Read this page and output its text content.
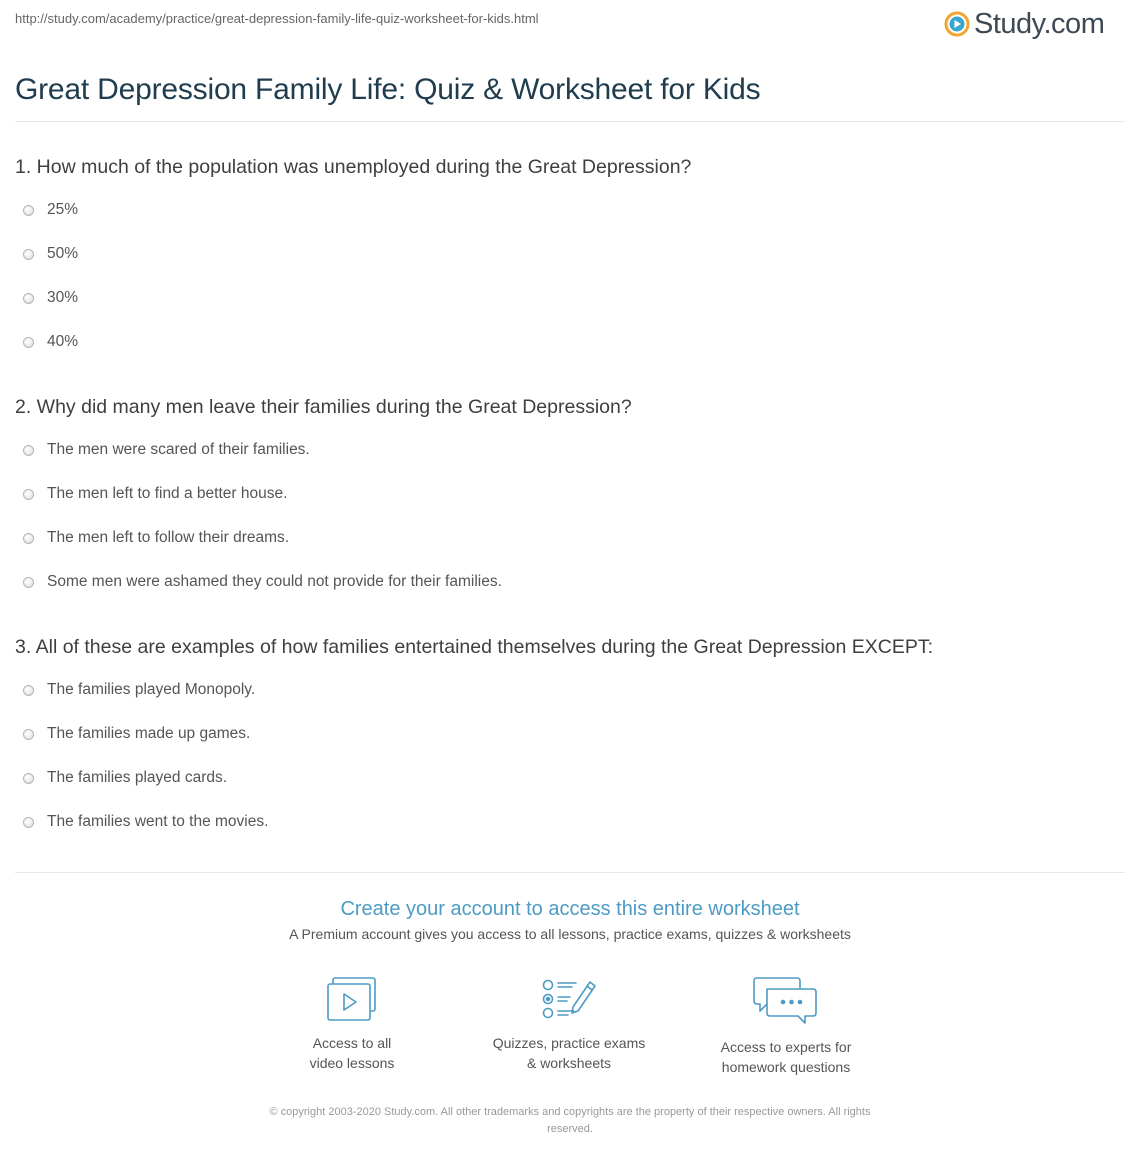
http://study.com/academy/practice/great-depression-family-life-quiz-worksheet-for-kids.html	Study.com
Great Depression Family Life: Quiz & Worksheet for Kids
1. How much of the population was unemployed during the Great Depression?
25%
50%
30%
40%
2. Why did many men leave their families during the Great Depression?
The men were scared of their families.
The men left to find a better house.
The men left to follow their dreams.
Some men were ashamed they could not provide for their families.
3. All of these are examples of how families entertained themselves during the Great Depression EXCEPT:
The families played Monopoly.
The families made up games.
The families played cards.
The families went to the movies.
Create your account to access this entire worksheet
A Premium account gives you access to all lessons, practice exams, quizzes & worksheets
Access to all
video lessons
Quizzes, practice exams
& worksheets
Access to experts for
homework questions
© copyright 2003-2020 Study.com. All other trademarks and copyrights are the property of their respective owners. All rights
reserved.
